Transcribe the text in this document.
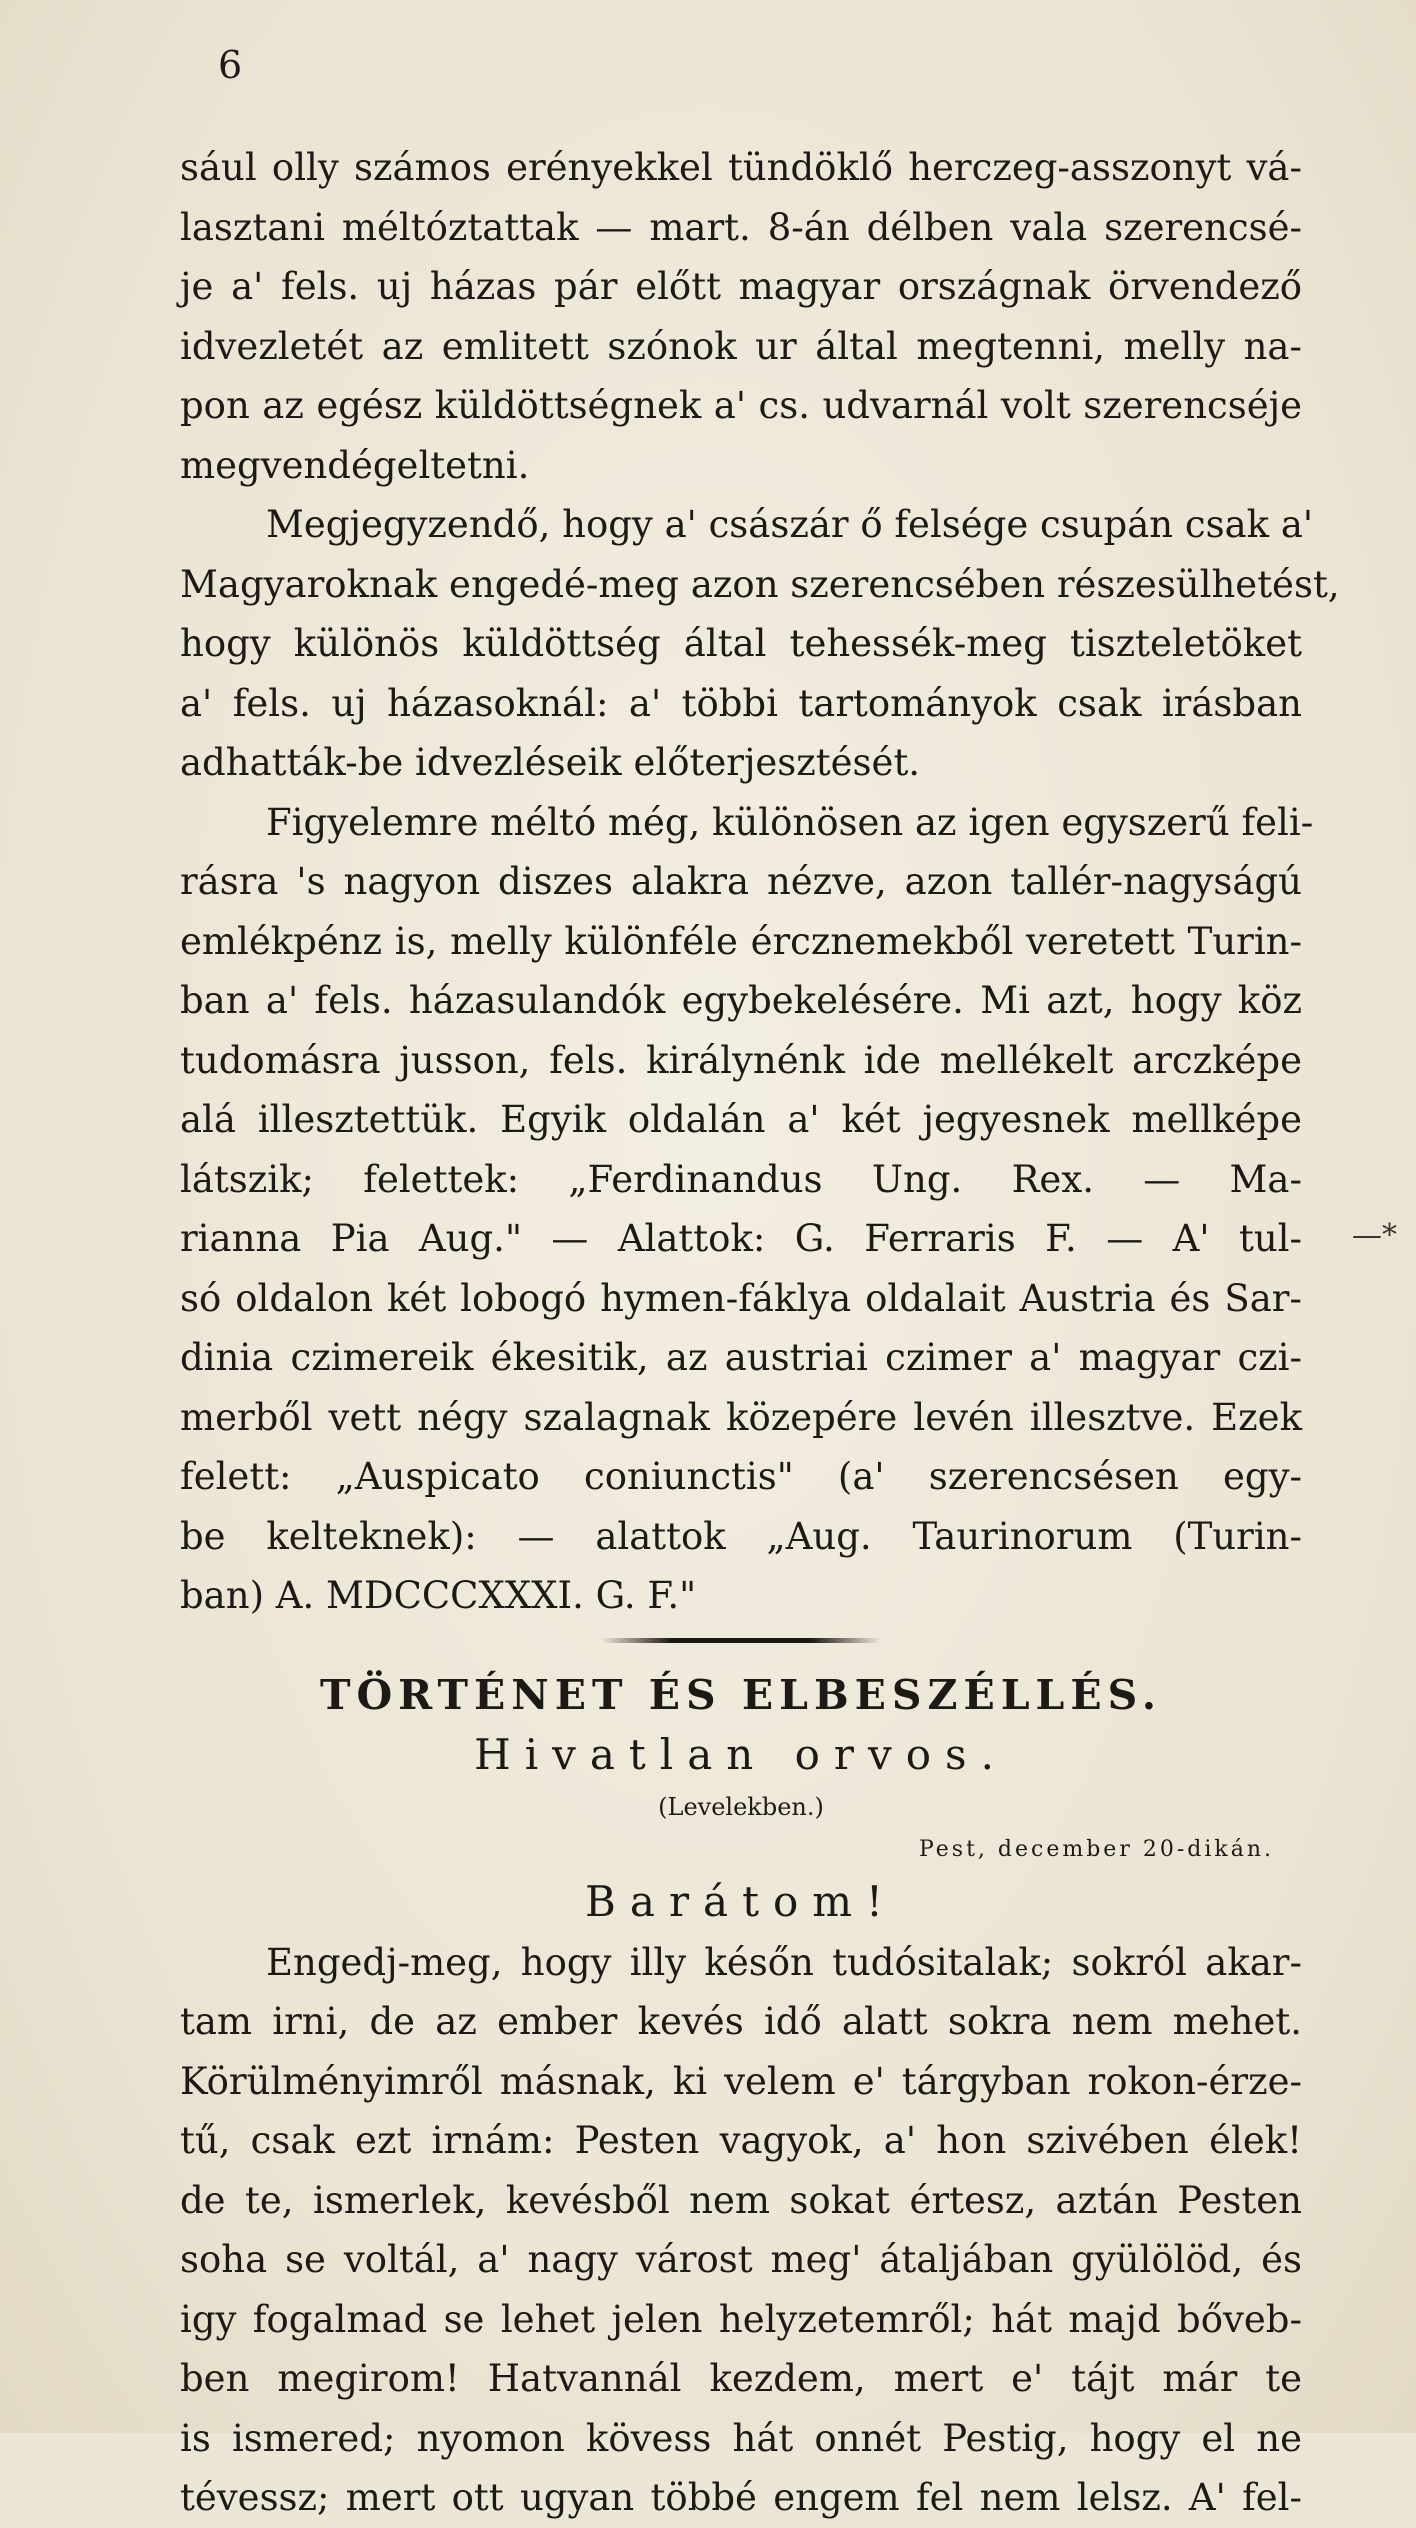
6
sául olly számos erényekkel tündöklő herczeg-asszonyt vá-
lasztani méltóztattak — mart. 8-án délben vala szerencsé-
je a' fels. uj házas pár előtt magyar országnak örvendező
idvezletét az emlitett szónok ur által megtenni, melly na-
pon az egész küldöttségnek a' cs. udvarnál volt szerencséje
megvendégeltetni.
Megjegyzendő, hogy a' császár ő felsége csupán csak a'
Magyaroknak engedé-meg azon szerencsében részesülhetést,
hogy különös küldöttség által tehessék-meg tiszteletöket
a' fels. uj házasoknál: a' többi tartományok csak irásban
adhatták-be idvezléseik előterjesztését.
Figyelemre méltó még, különösen az igen egyszerű feli-
rásra 's nagyon diszes alakra nézve, azon tallér-nagyságú
emlékpénz is, melly különféle ércznemekből veretett Turin-
ban a' fels. házasulandók egybekelésére. Mi azt, hogy köz
tudomásra jusson, fels. királynénk ide mellékelt arczképe
alá illesztettük. Egyik oldalán a' két jegyesnek mellképe
látszik; felettek: „Ferdinandus Ung. Rex. — Ma-
rianna Pia Aug." — Alattok: G. Ferraris F. — A' tul-
só oldalon két lobogó hymen-fáklya oldalait Austria és Sar-
dinia czimereik ékesitik, az austriai czimer a' magyar czi-
merből vett négy szalagnak közepére levén illesztve. Ezek
felett: „Auspicato coniunctis" (a' szerencsésen egy-
be kelteknek): — alattok „Aug. Taurinorum (Turin-
ban) A. MDCCCXXXI. G. F."

TÖRTÉNET ÉS ELBESZÉLLÉS.

Hivatlan orvos.

(Levelekben.)

Pest, december 20-dikán.

Barátom!

Engedj-meg, hogy illy későn tudósitalak; sokról akar-
tam irni, de az ember kevés idő alatt sokra nem mehet.
Körülményimről másnak, ki velem e' tárgyban rokon-érze-
tű, csak ezt irnám: Pesten vagyok, a' hon szivében élek!
de te, ismerlek, kevésből nem sokat értesz, aztán Pesten
soha se voltál, a' nagy várost meg' átaljában gyülölöd, és
igy fogalmad se lehet jelen helyzetemről; hát majd bőveb-
ben megirom! Hatvannál kezdem, mert e' tájt már te
is ismered; nyomon kövess hát onnét Pestig, hogy el ne
tévessz; mert ott ugyan többé engem fel nem lelsz. A' fel-
—*
